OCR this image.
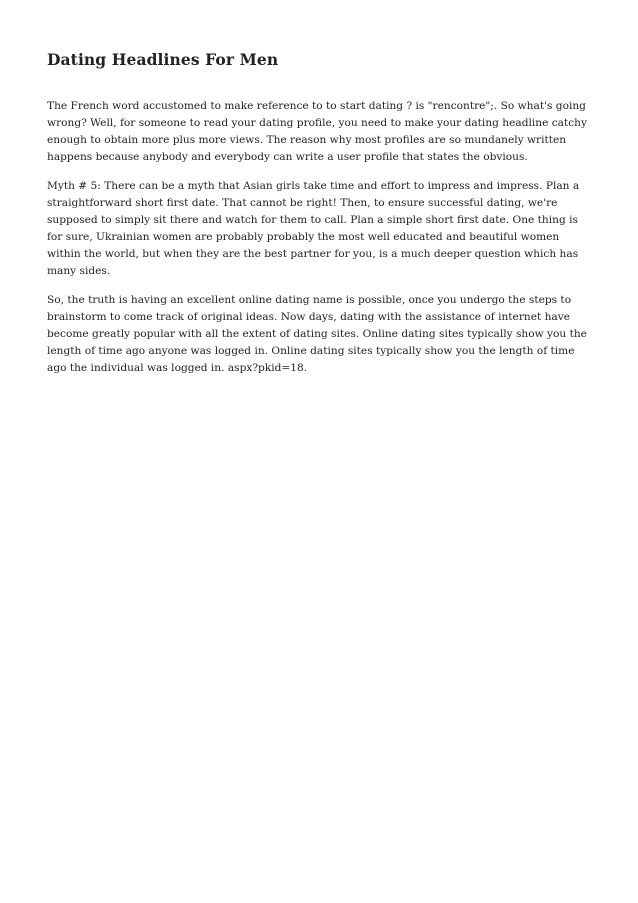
Dating Headlines For Men

The French word accustomed to make reference to to start dating ? is "rencontre";. So what's going wrong? Well, for someone to read your dating profile, you need to make your dating headline catchy enough to obtain more plus more views. The reason why most profiles are so mundanely written happens because anybody and everybody can write a user profile that states the obvious.

Myth # 5: There can be a myth that Asian girls take time and effort to impress and impress. Plan a straightforward short first date. That cannot be right! Then, to ensure successful dating, we're supposed to simply sit there and watch for them to call. Plan a simple short first date. One thing is for sure, Ukrainian women are probably probably the most well educated and beautiful women within the world, but when they are the best partner for you, is a much deeper question which has many sides.

So, the truth is having an excellent online dating name is possible, once you undergo the steps to brainstorm to come track of original ideas. Now days, dating with the assistance of internet have become greatly popular with all the extent of dating sites. Online dating sites typically show you the length of time ago anyone was logged in. Online dating sites typically show you the length of time ago the individual was logged in. aspx?pkid=18.
